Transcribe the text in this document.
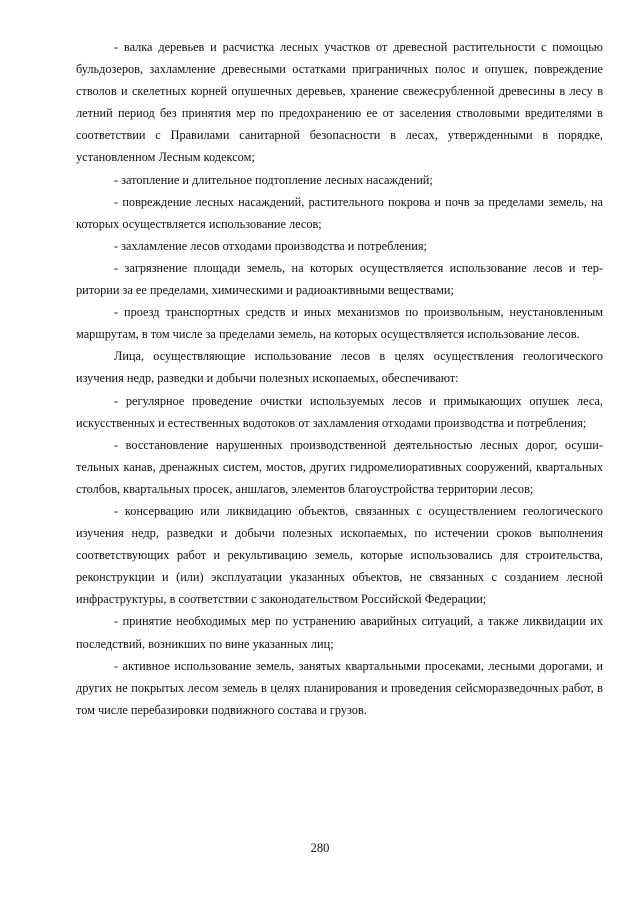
- валка деревьев и расчистка лесных участков от древесной растительности с помощью бульдозеров, захламление древесными остатками приграничных полос и опушек, повреждение стволов и скелетных корней опушечных деревьев, хранение свежесрубленной древесины в лесу в летний период без принятия мер по предохранению ее от заселения стволовыми вредителями в соответствии с Правилами санитарной безопасности в лесах, утвержденными в порядке, установленном Лесным кодексом;

- затопление и длительное подтопление лесных насаждений;

- повреждение лесных насаждений, растительного покрова и почв за пределами земель, на которых осуществляется использование лесов;

- захламление лесов отходами производства и потребления;

- загрязнение площади земель, на которых осуществляется использование лесов и территории за ее пределами, химическими и радиоактивными веществами;

- проезд транспортных средств и иных механизмов по произвольным, неустановленным маршрутам, в том числе за пределами земель, на которых осуществляется использование лесов.

Лица, осуществляющие использование лесов в целях осуществления геологического изучения недр, разведки и добычи полезных ископаемых, обеспечивают:

- регулярное проведение очистки используемых лесов и примыкающих опушек леса, искусственных и естественных водотоков от захламления отходами производства и потребления;

- восстановление нарушенных производственной деятельностью лесных дорог, осушительных канав, дренажных систем, мостов, других гидромелиоративных сооружений, квартальных столбов, квартальных просек, аншлагов, элементов благоустройства территории лесов;

- консервацию или ликвидацию объектов, связанных с осуществлением геологического изучения недр, разведки и добычи полезных ископаемых, по истечении сроков выполнения соответствующих работ и рекультивацию земель, которые использовались для строительства, реконструкции и (или) эксплуатации указанных объектов, не связанных с созданием лесной инфраструктуры, в соответствии с законодательством Российской Федерации;

- принятие необходимых мер по устранению аварийных ситуаций, а также ликвидации их последствий, возникших по вине указанных лиц;

- активное использование земель, занятых квартальными просеками, лесными дорогами, и других не покрытых лесом земель в целях планирования и проведения сейсморазведочных работ, в том числе перебазировки подвижного состава и грузов.

280
